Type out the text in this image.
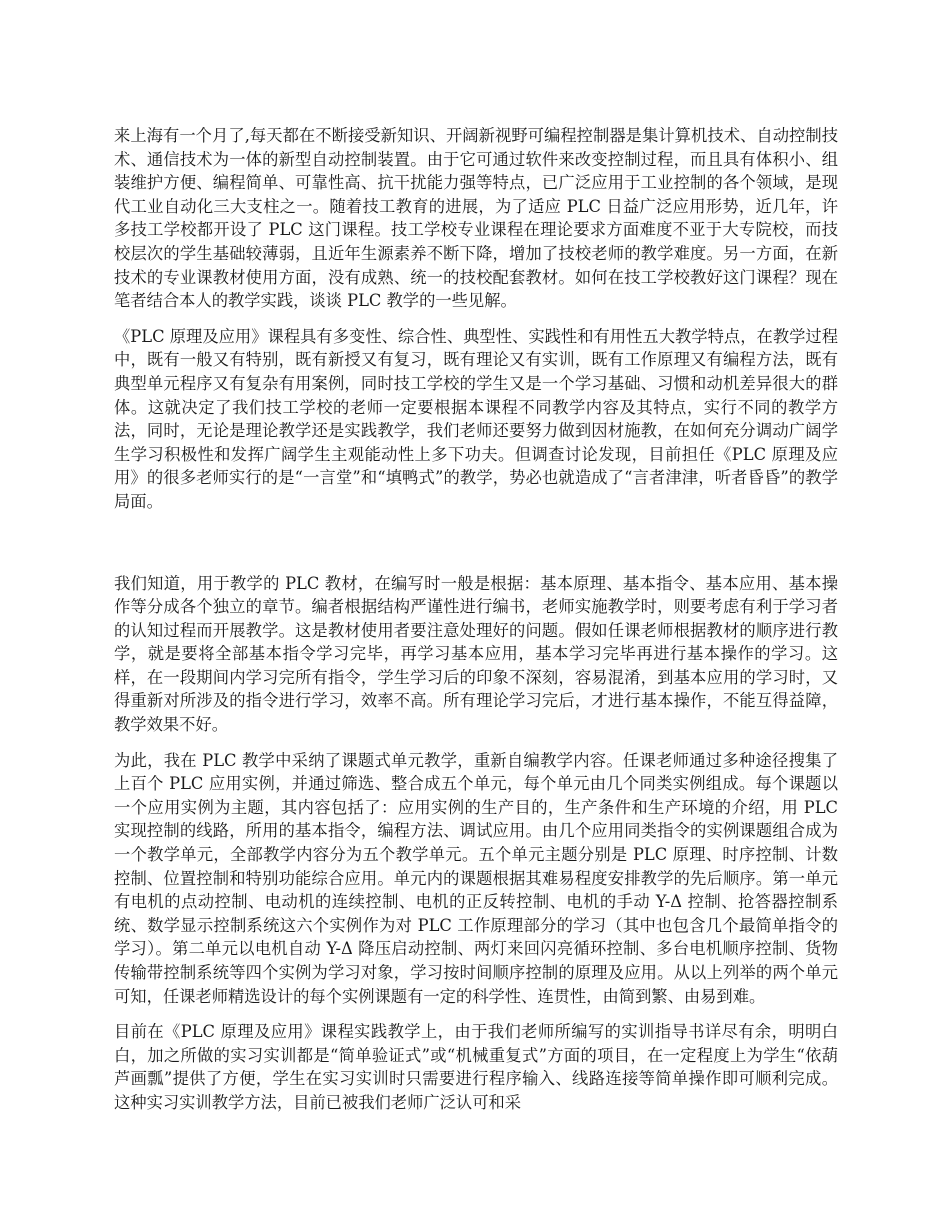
来上海有一个月了,每天都在不断接受新知识、开阔新视野可编程控制器是集计算机技术、自动控制技术、通信技术为一体的新型自动控制装置。由于它可通过软件来改变控制过程，而且具有体积小、组装维护方便、编程简单、可靠性高、抗干扰能力强等特点，已广泛应用于工业控制的各个领域，是现代工业自动化三大支柱之一。随着技工教育的进展，为了适应 PLC 日益广泛应用形势，近几年，许多技工学校都开设了 PLC 这门课程。技工学校专业课程在理论要求方面难度不亚于大专院校，而技校层次的学生基础较薄弱，且近年生源素养不断下降，增加了技校老师的教学难度。另一方面，在新技术的专业课教材使用方面，没有成熟、统一的技校配套教材。如何在技工学校教好这门课程？现在笔者结合本人的教学实践，谈谈 PLC 教学的一些见解。

《PLC 原理及应用》课程具有多变性、综合性、典型性、实践性和有用性五大教学特点，在教学过程中，既有一般又有特别，既有新授又有复习，既有理论又有实训，既有工作原理又有编程方法，既有典型单元程序又有复杂有用案例，同时技工学校的学生又是一个学习基础、习惯和动机差异很大的群体。这就决定了我们技工学校的老师一定要根据本课程不同教学内容及其特点，实行不同的教学方法，同时，无论是理论教学还是实践教学，我们老师还要努力做到因材施教，在如何充分调动广阔学生学习积极性和发挥广阔学生主观能动性上多下功夫。但调查讨论发现，目前担任《PLC 原理及应用》的很多老师实行的是“一言堂”和“填鸭式”的教学，势必也就造成了“言者津津，听者昏昏”的教学局面。

我们知道，用于教学的 PLC 教材，在编写时一般是根据：基本原理、基本指令、基本应用、基本操作等分成各个独立的章节。编者根据结构严谨性进行编书，老师实施教学时，则要考虑有利于学习者的认知过程而开展教学。这是教材使用者要注意处理好的问题。假如任课老师根据教材的顺序进行教学，就是要将全部基本指令学习完毕，再学习基本应用，基本学习完毕再进行基本操作的学习。这样，在一段期间内学习完所有指令，学生学习后的印象不深刻，容易混淆，到基本应用的学习时，又得重新对所涉及的指令进行学习，效率不高。所有理论学习完后，才进行基本操作，不能互得益障，教学效果不好。

为此，我在 PLC 教学中采纳了课题式单元教学，重新自编教学内容。任课老师通过多种途径搜集了上百个 PLC 应用实例，并通过筛选、整合成五个单元，每个单元由几个同类实例组成。每个课题以一个应用实例为主题，其内容包括了：应用实例的生产目的，生产条件和生产环境的介绍，用 PLC 实现控制的线路，所用的基本指令，编程方法、调试应用。由几个应用同类指令的实例课题组合成为一个教学单元，全部教学内容分为五个教学单元。五个单元主题分别是 PLC 原理、时序控制、计数控制、位置控制和特别功能综合应用。单元内的课题根据其难易程度安排教学的先后顺序。第一单元有电机的点动控制、电动机的连续控制、电机的正反转控制、电机的手动 Y-Δ 控制、抢答器控制系统、数学显示控制系统这六个实例作为对 PLC 工作原理部分的学习（其中也包含几个最简单指令的学习）。第二单元以电机自动 Y-Δ 降压启动控制、两灯来回闪亮循环控制、多台电机顺序控制、货物传输带控制系统等四个实例为学习对象，学习按时间顺序控制的原理及应用。从以上列举的两个单元可知，任课老师精选设计的每个实例课题有一定的科学性、连贯性，由简到繁、由易到难。

目前在《PLC 原理及应用》课程实践教学上，由于我们老师所编写的实训指导书详尽有余，明明白白，加之所做的实习实训都是“简单验证式”或“机械重复式”方面的项目，在一定程度上为学生“依葫芦画瓢”提供了方便，学生在实习实训时只需要进行程序输入、线路连接等简单操作即可顺利完成。这种实习实训教学方法，目前已被我们老师广泛认可和采
